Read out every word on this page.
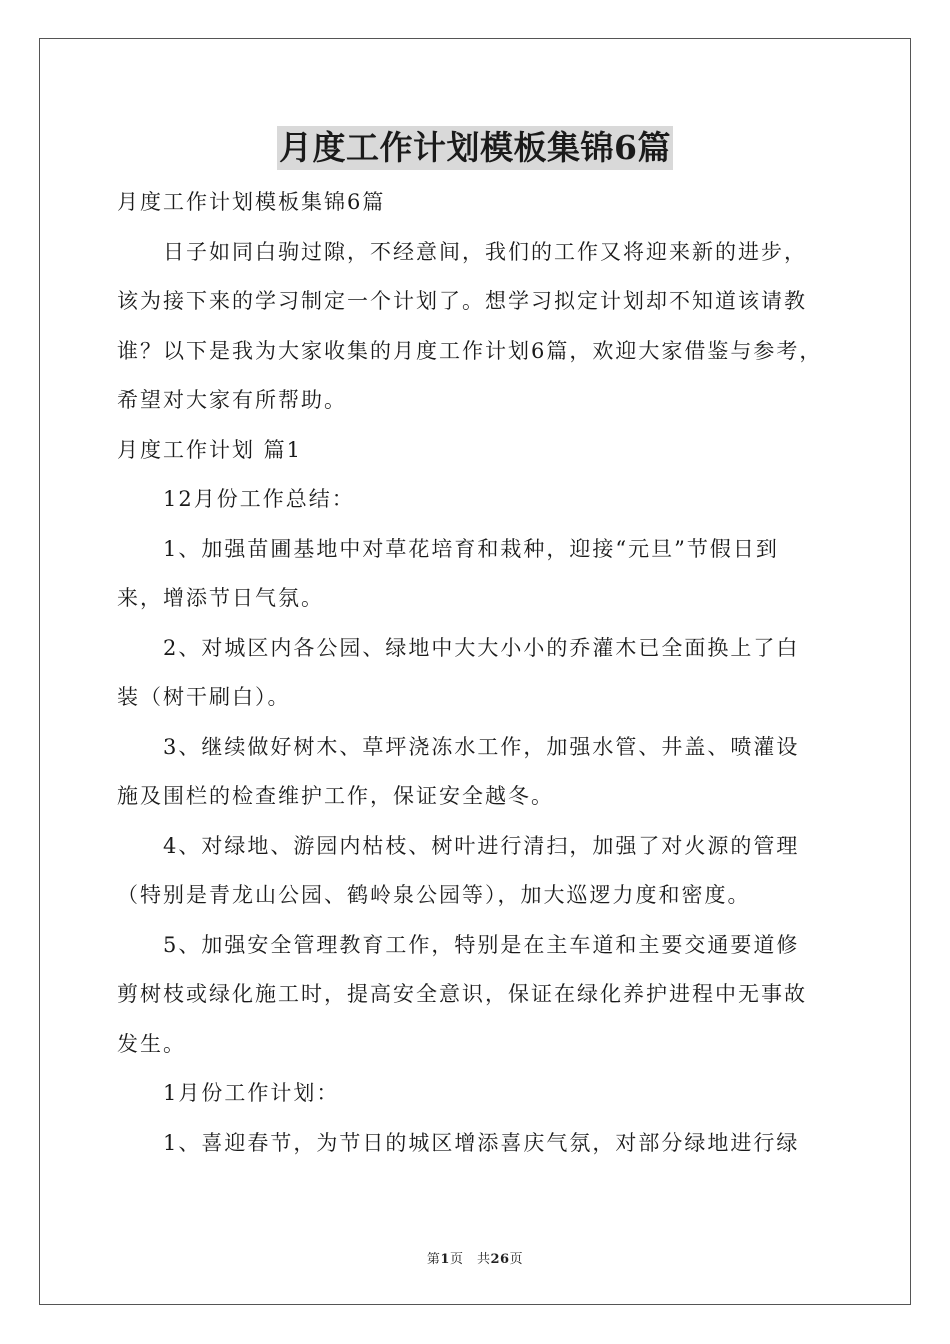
月度工作计划模板集锦6篇

月度工作计划模板集锦6篇

日子如同白驹过隙，不经意间，我们的工作又将迎来新的进步，

该为接下来的学习制定一个计划了。想学习拟定计划却不知道该请教

谁？以下是我为大家收集的月度工作计划6篇，欢迎大家借鉴与参考，

希望对大家有所帮助。

月度工作计划 篇1

12月份工作总结：

1、加强苗圃基地中对草花培育和栽种，迎接“元旦”节假日到

来，增添节日气氛。

2、对城区内各公园、绿地中大大小小的乔灌木已全面换上了白

装（树干刷白）。

3、继续做好树木、草坪浇冻水工作，加强水管、井盖、喷灌设

施及围栏的检查维护工作，保证安全越冬。

4、对绿地、游园内枯枝、树叶进行清扫，加强了对火源的管理

（特别是青龙山公园、鹤岭泉公园等），加大巡逻力度和密度。

5、加强安全管理教育工作，特别是在主车道和主要交通要道修

剪树枝或绿化施工时，提高安全意识，保证在绿化养护进程中无事故

发生。

1月份工作计划：

1、喜迎春节，为节日的城区增添喜庆气氛，对部分绿地进行绿

第1页　共26页
